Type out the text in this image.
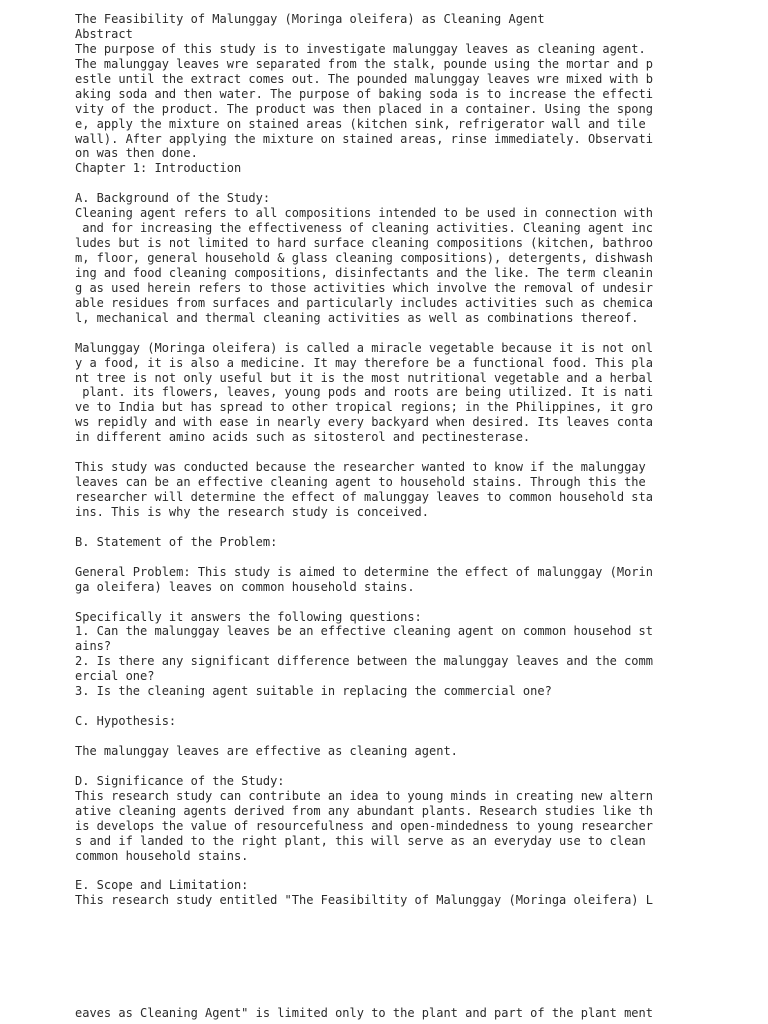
The Feasibility of Malunggay (Moringa oleifera) as Cleaning Agent
Abstract
The purpose of this study is to investigate malunggay leaves as cleaning agent.
The malunggay leaves wre separated from the stalk, pounde using the mortar and p
estle until the extract comes out. The pounded malunggay leaves wre mixed with b
aking soda and then water. The purpose of baking soda is to increase the effecti
vity of the product. The product was then placed in a container. Using the spong
e, apply the mixture on stained areas (kitchen sink, refrigerator wall and tile
wall). After applying the mixture on stained areas, rinse immediately. Observati
on was then done.
Chapter 1: Introduction
A. Background of the Study:
Cleaning agent refers to all compositions intended to be used in connection with
and for increasing the effectiveness of cleaning activities. Cleaning agent inc
ludes but is not limited to hard surface cleaning compositions (kitchen, bathroo
m, floor, general household & glass cleaning compositions), detergents, dishwash
ing and food cleaning compositions, disinfectants and the like. The term cleanin
g as used herein refers to those activities which involve the removal of undesir
able residues from surfaces and particularly includes activities such as chemica
l, mechanical and thermal cleaning activities as well as combinations thereof.
Malunggay (Moringa oleifera) is called a miracle vegetable because it is not onl
y a food, it is also a medicine. It may therefore be a functional food. This pla
nt tree is not only useful but it is the most nutritional vegetable and a herbal
plant. its flowers, leaves, young pods and roots are being utilized. It is nati
ve to India but has spread to other tropical regions; in the Philippines, it gro
ws repidly and with ease in nearly every backyard when desired. Its leaves conta
in different amino acids such as sitosterol and pectinesterase.
This study was conducted because the researcher wanted to know if the malunggay
leaves can be an effective cleaning agent to household stains. Through this the
researcher will determine the effect of malunggay leaves to common household sta
ins. This is why the research study is conceived.
B. Statement of the Problem:
General Problem: This study is aimed to determine the effect of malunggay (Morin
ga oleifera) leaves on common household stains.
Specifically it answers the following questions:
1. Can the malunggay leaves be an effective cleaning agent on common househod st
ains?
2. Is there any significant difference between the malunggay leaves and the comm
ercial one?
3. Is the cleaning agent suitable in replacing the commercial one?
C. Hypothesis:
The malunggay leaves are effective as cleaning agent.
D. Significance of the Study:
This research study can contribute an idea to young minds in creating new altern
ative cleaning agents derived from any abundant plants. Research studies like th
is develops the value of resourcefulness and open-mindedness to young researcher
s and if landed to the right plant, this will serve as an everyday use to clean
common household stains.
E. Scope and Limitation:
This research study entitled "The Feasibiltity of Malunggay (Moringa oleifera) L
eaves as Cleaning Agent" is limited only to the plant and part of the plant ment
